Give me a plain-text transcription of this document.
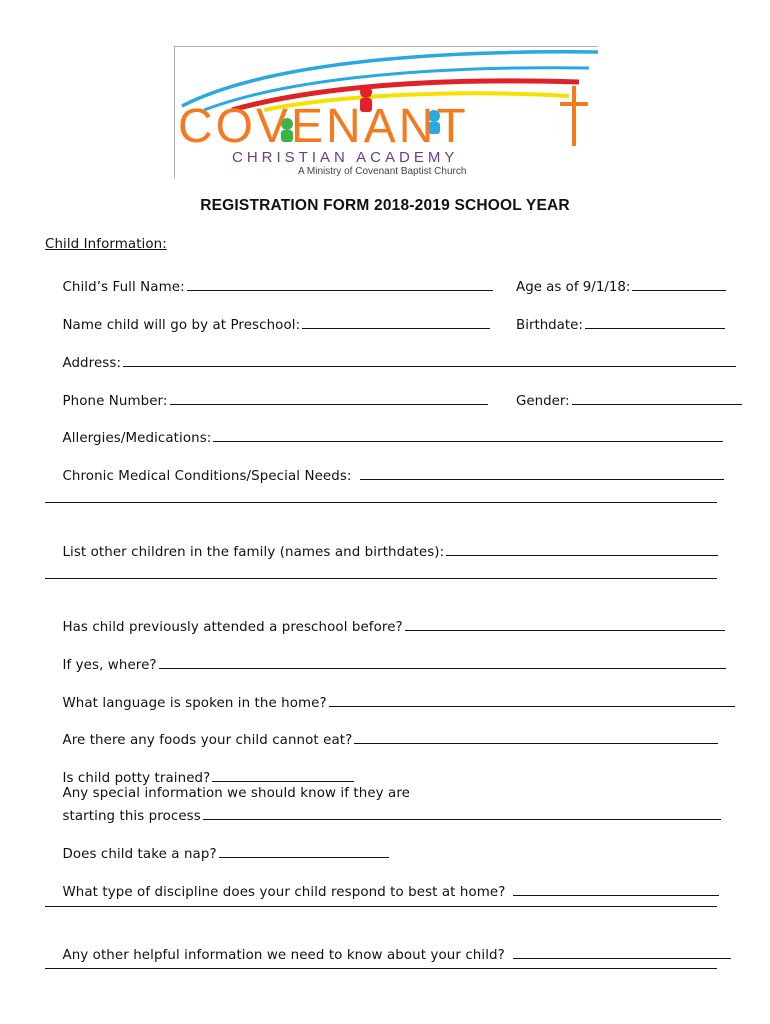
COVENANT
CHRISTIAN ACADEMY
A Ministry of Covenant Baptist Church
REGISTRATION FORM 2018-2019 SCHOOL YEAR
Child Information:

Child’s Full Name:
	Age as of 9/1/18:

Name child will go by at Preschool:
	Birthdate:

Address:

Phone Number:
	Gender:

Allergies/Medications:

Chronic Medical Conditions/Special Needs:

List other children in the family (names and birthdates):

Has child previously attended a preschool before?

If yes, where?

What language is spoken in the home?

Are there any foods your child cannot eat?

Is child potty trained?
Any special information we should know if they are

starting this process

Does child take a nap?

What type of discipline does your child respond to best at home?

Any other helpful information we need to know about your child?
